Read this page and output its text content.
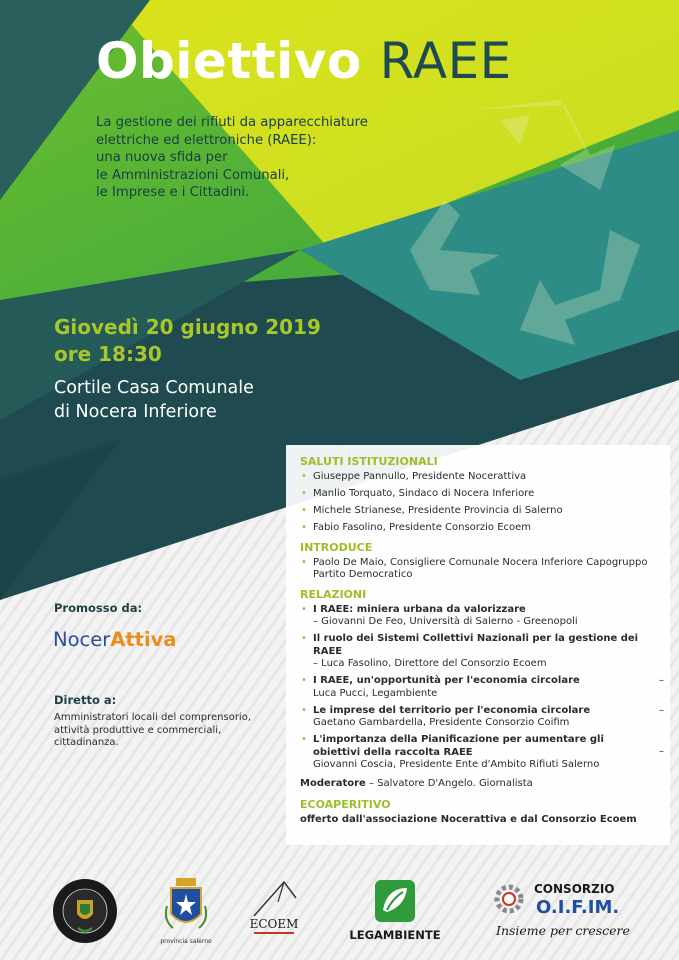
Obiettivo RAEE
La gestione dei rifiuti da apparecchiature
elettriche ed elettroniche (RAEE):
una nuova sfida per
le Amministrazioni Comunali,
le Imprese e i Cittadini.
Giovedì 20 giugno 2019
ore 18:30
Cortile Casa Comunale
di Nocera Inferiore
Promosso da:
NocerAttiva
Diretto a:
Amministratori locali del comprensorio, attività produttive e commerciali, cittadinanza.
SALUTI ISTITUZIONALI
• Giuseppe Pannullo, Presidente Nocerattiva
• Manlio Torquato, Sindaco di Nocera Inferiore
• Michele Strianese, Presidente Provincia di Salerno
• Fabio Fasolino, Presidente Consorzio Ecoem
INTRODUCE
• Paolo De Maio, Consigliere Comunale Nocera Inferiore Capogruppo Partito Democratico
RELAZIONI
• I RAEE: miniera urbana da valorizzare
– Giovanni De Feo, Università di Salerno - Greenopoli
• Il ruolo dei Sistemi Collettivi Nazionali per la gestione dei RAEE
– Luca Fasolino, Direttore del Consorzio Ecoem
• I RAEE, un'opportunità per l'economia circolare	–
Luca Pucci, Legambiente
• Le imprese del territorio per l'economia circolare	–
Gaetano Gambardella, Presidente Consorzio Coifim
• L'importanza della Pianificazione per aumentare gli obiettivi della raccolta RAEE	–
Giovanni Coscia, Presidente Ente d'Ambito Rifiuti Salerno
Moderatore – Salvatore D'Angelo. Giornalista
ECOAPERITIVO
offerto dall'associazione Nocerattiva e dal Consorzio Ecoem
provincia salerno
ECOEM
LEGAMBIENTE
CONSORZIO
O.I.F.IM.
Insieme per crescere
